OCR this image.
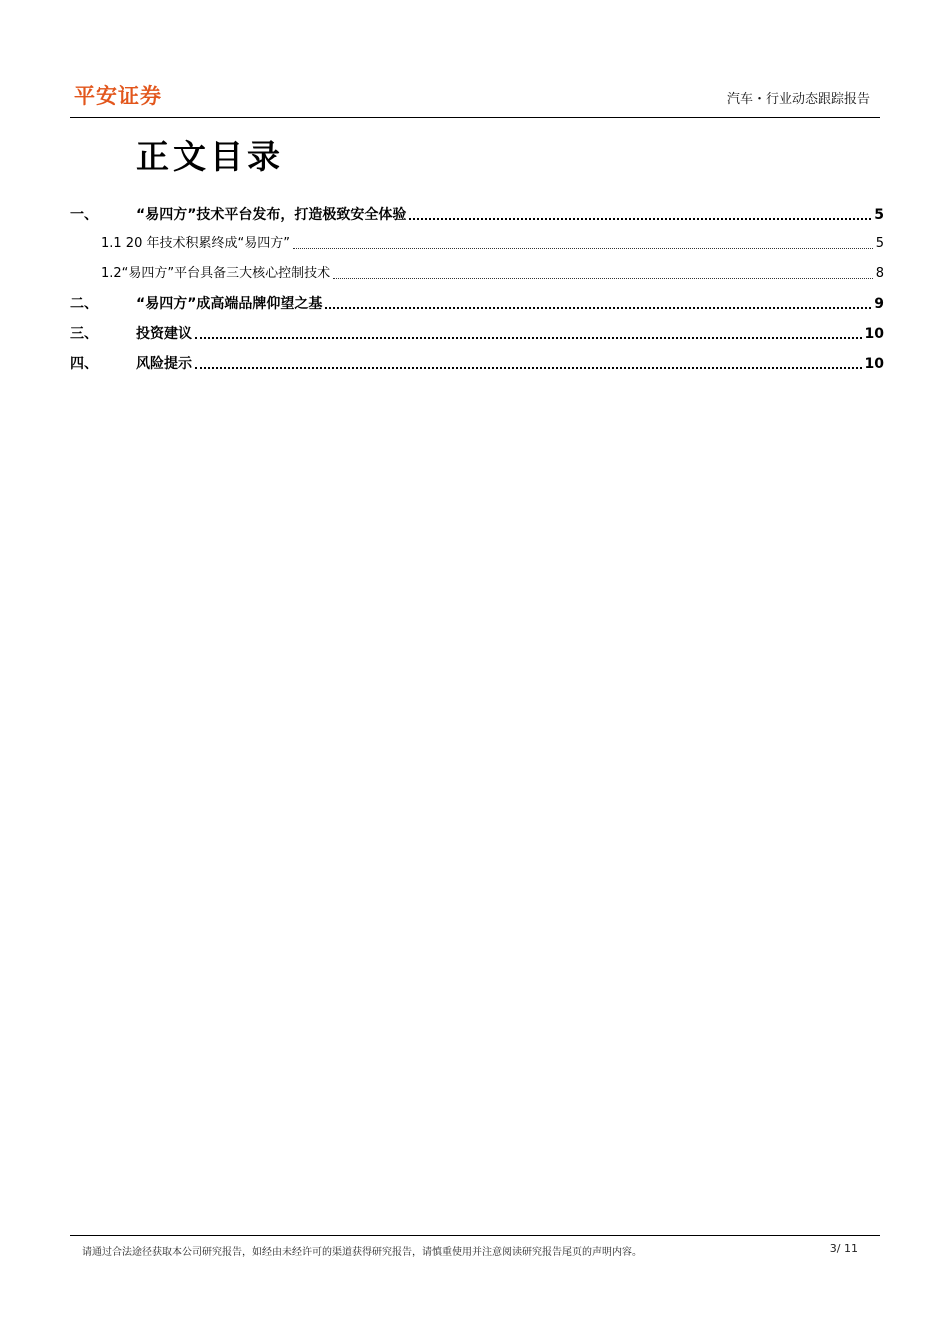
平安证券	汽车・行业动态跟踪报告
正文目录
一、	“易四方”技术平台发布，打造极致安全体验	5
1.1 20 年技术积累终成“易四方”	5
1.2“易四方”平台具备三大核心控制技术	8
二、	“易四方”成高端品牌仰望之基	9
三、	投资建议	10
四、	风险提示	10
请通过合法途径获取本公司研究报告，如经由未经许可的渠道获得研究报告，请慎重使用并注意阅读研究报告尾页的声明内容。	3/ 11
